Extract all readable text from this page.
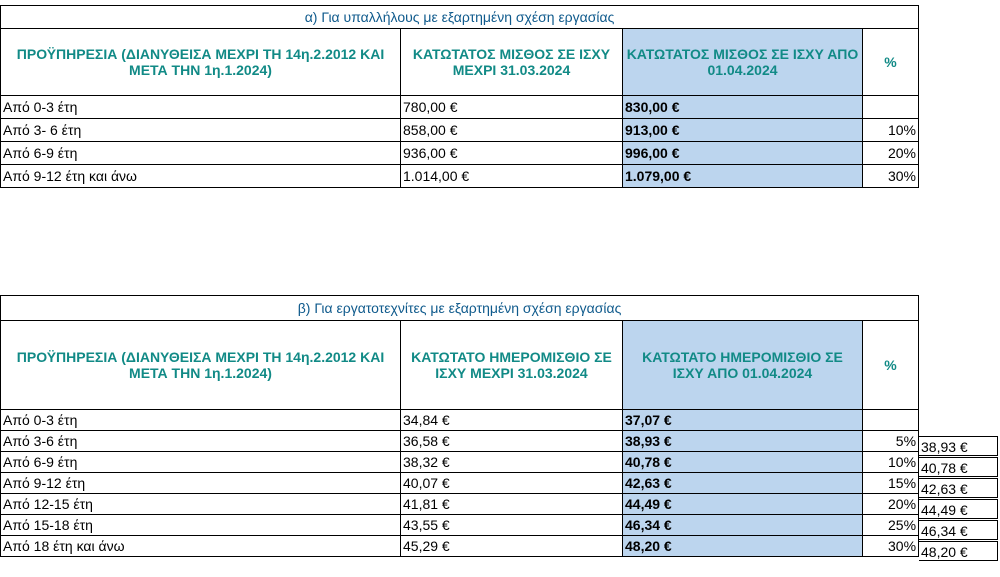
α) Για υπαλλήλους με εξαρτημένη σχέση εργασίας			
ΠΡΟΫΠΗΡΕΣΙΑ (ΔΙΑΝΥΘΕΙΣΑ ΜΕΧΡΙ ΤΗ 14η.2.2012 ΚΑΙ ΜΕΤΑ ΤΗΝ 1η.1.2024)	ΚΑΤΩΤΑΤΟΣ ΜΙΣΘΟΣ ΣΕ ΙΣΧΥ ΜΕΧΡΙ 31.03.2024	ΚΑΤΩΤΑΤΟΣ ΜΙΣΘΟΣ ΣΕ ΙΣΧΥ ΑΠΟ 01.04.2024	%
Από 0-3 έτη	780,00 €	830,00 €	
Από 3- 6 έτη	858,00 €	913,00 €	10%
Από 6-9 έτη	936,00 €	996,00 €	20%
Από 9-12 έτη και άνω	1.014,00 €	1.079,00 €	30%
β) Για εργατοτεχνίτες με εξαρτημένη σχέση εργασίας			
ΠΡΟΫΠΗΡΕΣΙΑ (ΔΙΑΝΥΘΕΙΣΑ ΜΕΧΡΙ ΤΗ 14η.2.2012 ΚΑΙ ΜΕΤΑ ΤΗΝ 1η.1.2024)	ΚΑΤΩΤΑΤΟ ΗΜΕΡΟΜΙΣΘΙΟ ΣΕ ΙΣΧΥ ΜΕΧΡΙ 31.03.2024	ΚΑΤΩΤΑΤΟ ΗΜΕΡΟΜΙΣΘΙΟ ΣΕ ΙΣΧΥ ΑΠΟ 01.04.2024	%
Από 0-3 έτη	34,84 €	37,07 €	
Από 3-6 έτη	36,58 €	38,93 €	5%
Από 6-9 έτη	38,32 €	40,78 €	10%
Από 9-12 έτη	40,07 €	42,63 €	15%
Από 12-15 έτη	41,81 €	44,49 €	20%
Από 15-18 έτη	43,55 €	46,34 €	25%
Από 18 έτη και άνω	45,29 €	48,20 €	30%
38,93 €
40,78 €
42,63 €
44,49 €
46,34 €
48,20 €
